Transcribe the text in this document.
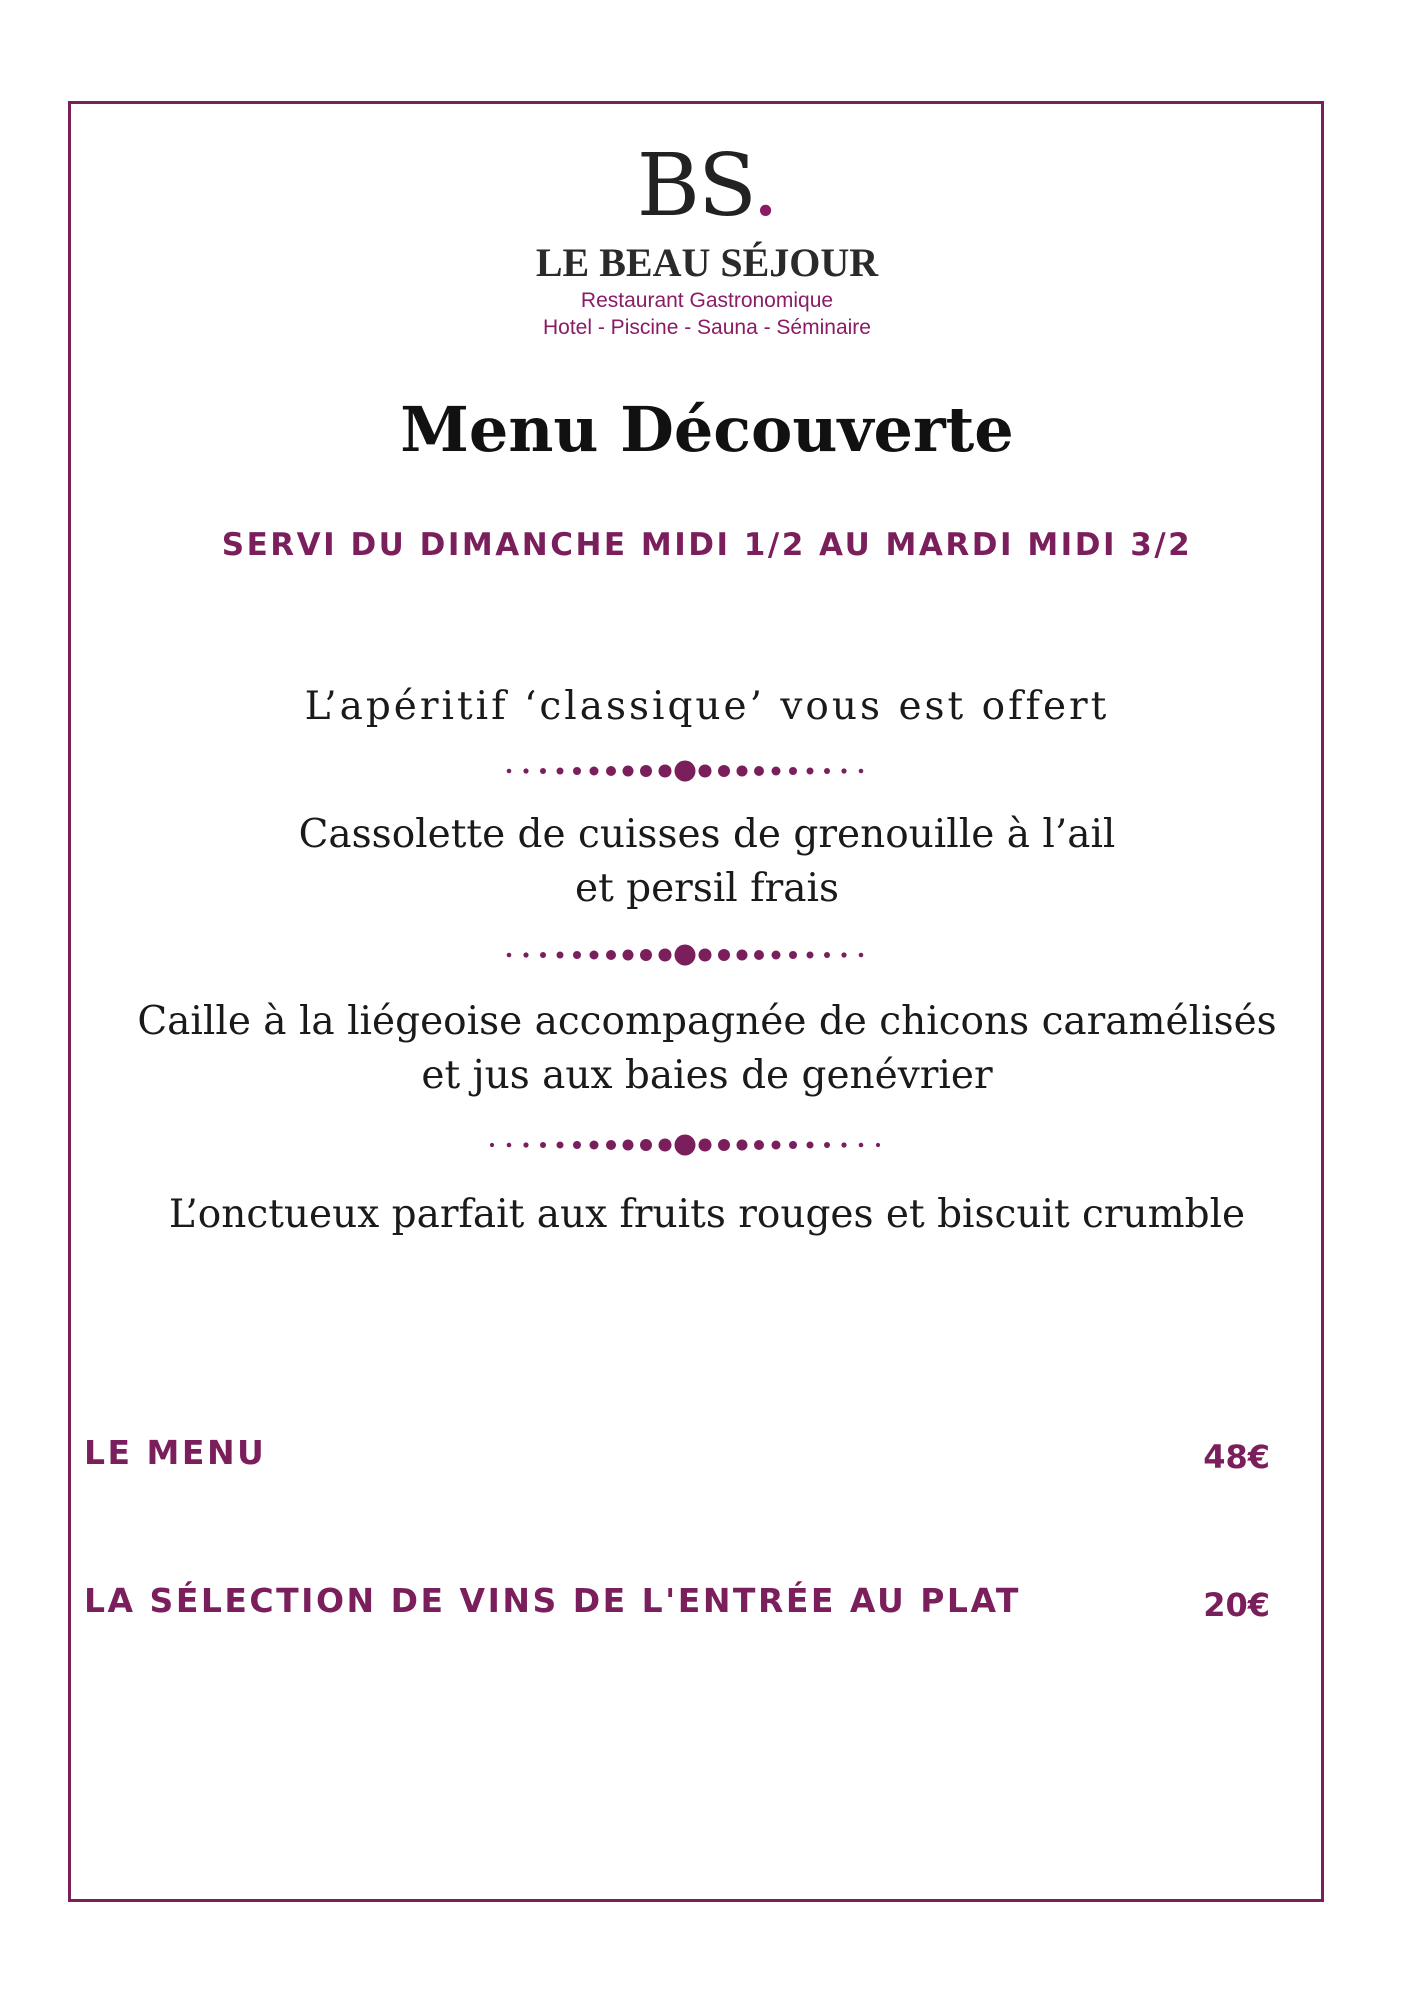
BS.
LE BEAU SÉJOUR
Restaurant Gastronomique
Hotel - Piscine - Sauna - Séminaire
Menu Découverte
SERVI DU DIMANCHE MIDI 1/2 AU MARDI MIDI 3/2
L’apéritif ‘classique’ vous est offert
Cassolette de cuisses de grenouille à l’ail
et persil frais
Caille à la liégeoise accompagnée de chicons caramélisés
et jus aux baies de genévrier
L’onctueux parfait aux fruits rouges et biscuit crumble
LE MENU	48€
LA SÉLECTION DE VINS DE L'ENTRÉE AU PLAT	20€
